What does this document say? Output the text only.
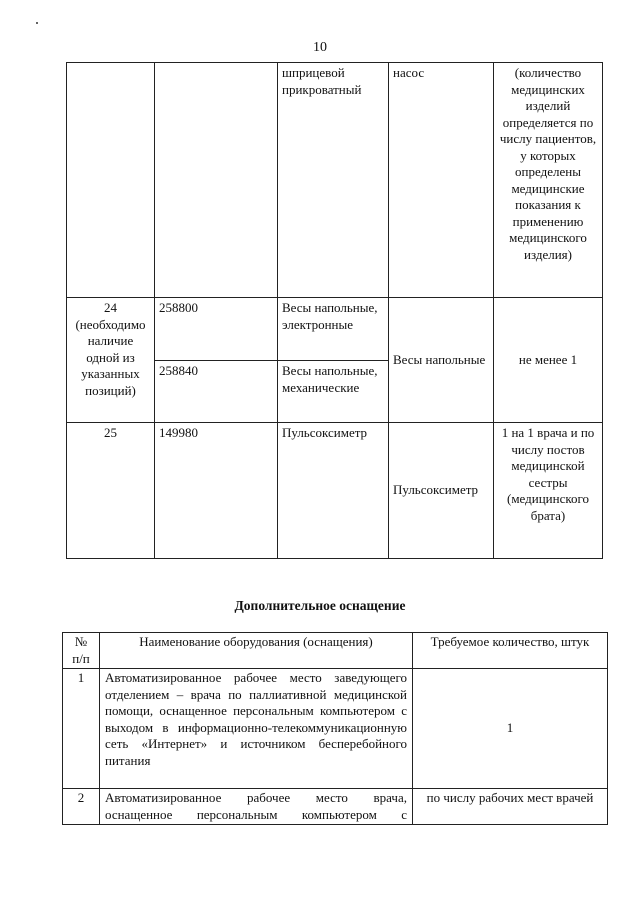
10
		шприцевой прикроватный	насос	(количество медицинских изделий определяется по числу пациентов, у которых определены медицинские показания к применению медицинского изделия)
24 (необходимо наличие одной из указанных позиций)	258800	Весы напольные, электронные	Весы напольные	не менее 1
	258840	Весы напольные, механические		
25	149980	Пульсоксиметр	Пульсоксиметр	1 на 1 врача и по числу постов медицинской сестры (медицинского брата)
Дополнительное оснащение
№ п/п	Наименование оборудования (оснащения)	Требуемое количество, штук
1	Автоматизированное рабочее место заведующего отделением – врача по паллиативной медицинской помощи, оснащенное персональным компьютером с выходом в информационно-телекоммуникационную сеть «Интернет» и источником бесперебойного питания	1
2	Автоматизированное рабочее место врача, оснащенное персональным компьютером с	по числу рабочих мест врачей
